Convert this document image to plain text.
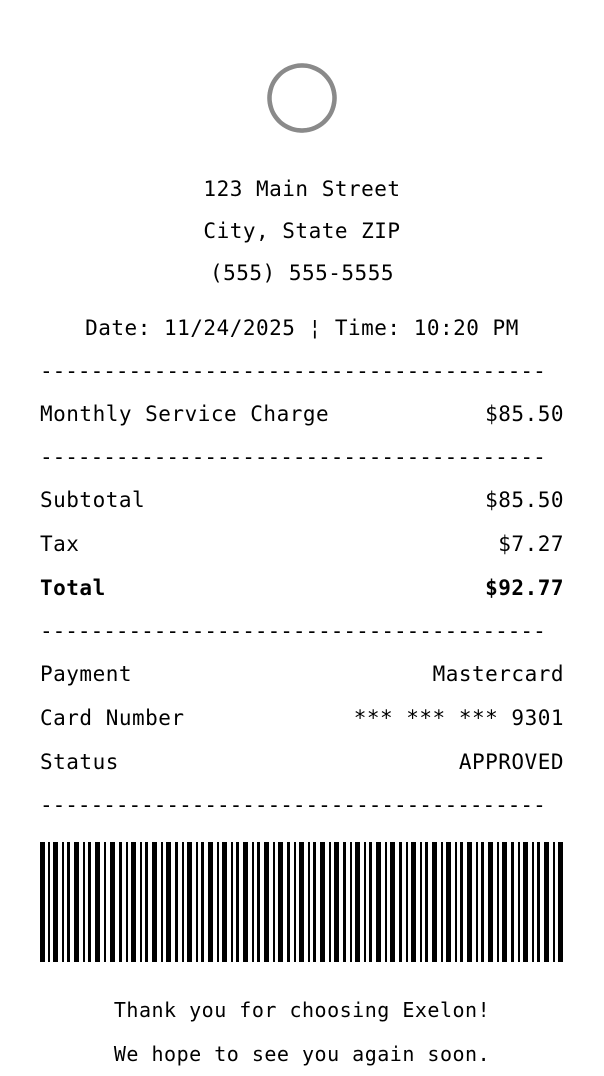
123 Main Street
City, State ZIP
(555) 555-5555
Date: 11/24/2025 ¦ Time: 10:20 PM
----------------------------------------
Monthly Service Charge	$85.50
----------------------------------------
Subtotal	$85.50
Tax	$7.27
Total	$92.77
----------------------------------------
Payment	Mastercard
Card Number	*** *** *** 9301
Status	APPROVED
----------------------------------------
Thank you for choosing Exelon!
We hope to see you again soon.
